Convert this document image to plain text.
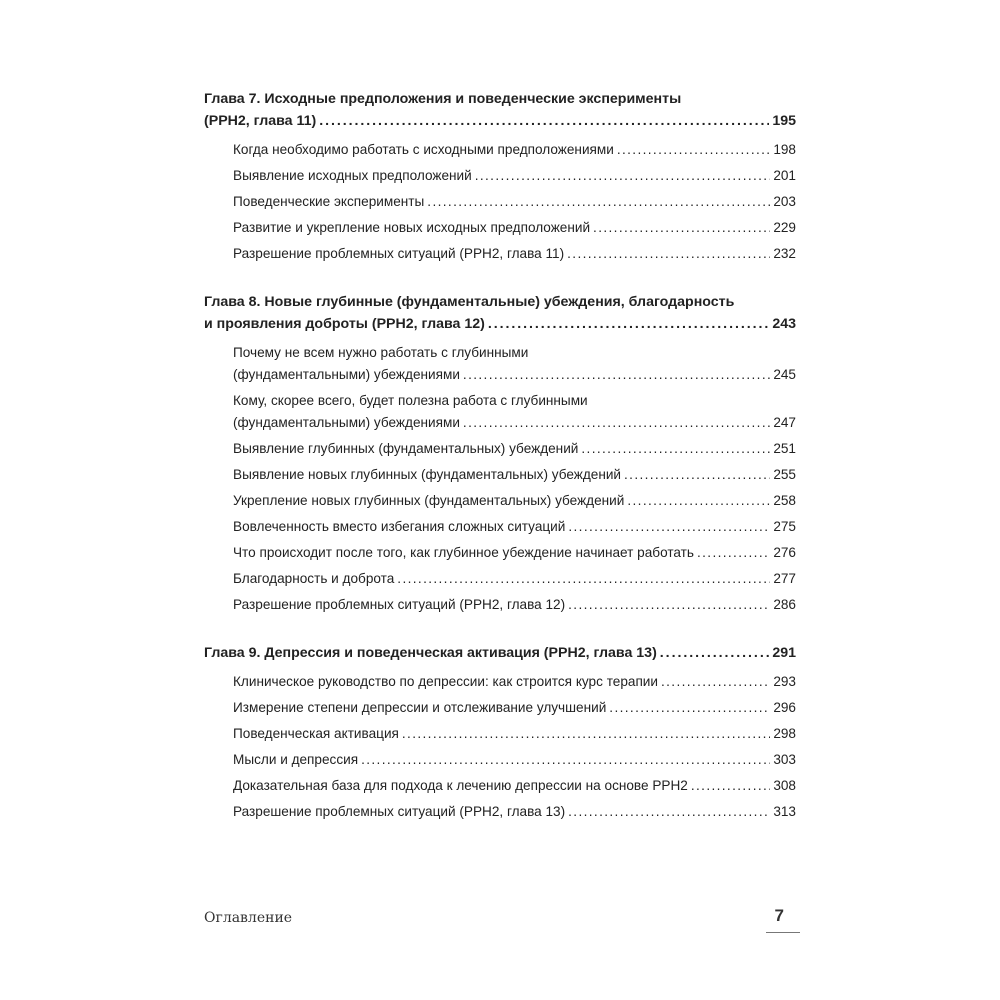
Глава 7. Исходные предположения и поведенческие эксперименты
(РРН2, глава 11) . . .	195
Когда необходимо работать с исходными предположениями . . .	198
Выявление исходных предположений . . .	201
Поведенческие эксперименты . . .	203
Развитие и укрепление новых исходных предположений . . .	229
Разрешение проблемных ситуаций (РРН2, глава 11) . . .	232
Глава 8. Новые глубинные (фундаментальные) убеждения, благодарность
и проявления доброты (РРН2, глава 12) . . .	243
Почему не всем нужно работать с глубинными
(фундаментальными) убеждениями . . .	245
Кому, скорее всего, будет полезна работа с глубинными
(фундаментальными) убеждениями . . .	247
Выявление глубинных (фундаментальных) убеждений . . .	251
Выявление новых глубинных (фундаментальных) убеждений . . .	255
Укрепление новых глубинных (фундаментальных) убеждений . . .	258
Вовлеченность вместо избегания сложных ситуаций . . .	275
Что происходит после того, как глубинное убеждение начинает работать . . .	276
Благодарность и доброта . . .	277
Разрешение проблемных ситуаций (РРН2, глава 12) . . .	286
Глава 9. Депрессия и поведенческая активация (РРН2, глава 13) . . .	291
Клиническое руководство по депрессии: как строится курс терапии . . .	293
Измерение степени депрессии и отслеживание улучшений . . .	296
Поведенческая активация . . .	298
Мысли и депрессия . . .	303
Доказательная база для подхода к лечению депрессии на основе РРН2 . . .	308
Разрешение проблемных ситуаций (РРН2, глава 13) . . .	313
Оглавление	7
